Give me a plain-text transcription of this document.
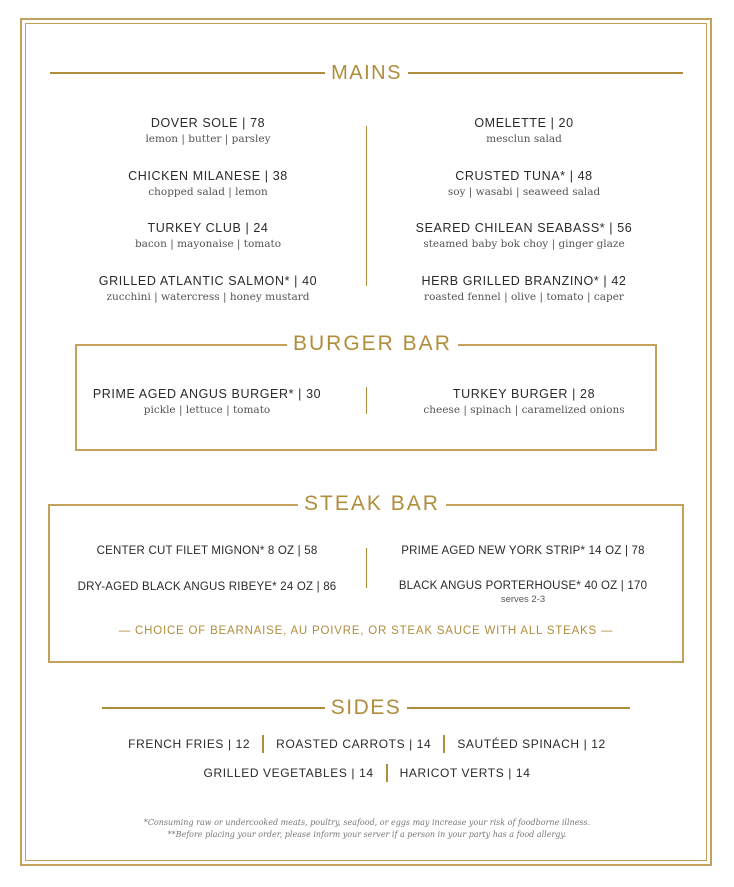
MAINS
DOVER SOLE | 78
lemon | butter | parsley
CHICKEN MILANESE | 38
chopped salad | lemon
TURKEY CLUB | 24
bacon | mayonaise | tomato
GRILLED ATLANTIC SALMON* | 40
zucchini | watercress | honey mustard
OMELETTE | 20
mesclun salad
CRUSTED TUNA* | 48
soy | wasabi | seaweed salad
SEARED CHILEAN SEABASS* | 56
steamed baby bok choy | ginger glaze
HERB GRILLED BRANZINO* | 42
roasted fennel | olive | tomato | caper
BURGER BAR
PRIME AGED ANGUS BURGER* | 30
pickle | lettuce | tomato
TURKEY BURGER | 28
cheese | spinach | caramelized onions
STEAK BAR
CENTER CUT FILET MIGNON* 8 OZ | 58
DRY-AGED BLACK ANGUS RIBEYE* 24 OZ | 86
PRIME AGED NEW YORK STRIP* 14 OZ | 78
BLACK ANGUS PORTERHOUSE* 40 OZ | 170
serves 2-3
— CHOICE OF BEARNAISE, AU POIVRE, OR STEAK SAUCE WITH ALL STEAKS —
SIDES
FRENCH FRIES | 12 ROASTED CARROTS | 14 SAUTÉED SPINACH | 12
GRILLED VEGETABLES | 14 HARICOT VERTS | 14
*Consuming raw or undercooked meats, poultry, seafood, or eggs may increase your risk of foodborne illness.
**Before placing your order, please inform your server if a person in your party has a food allergy.
